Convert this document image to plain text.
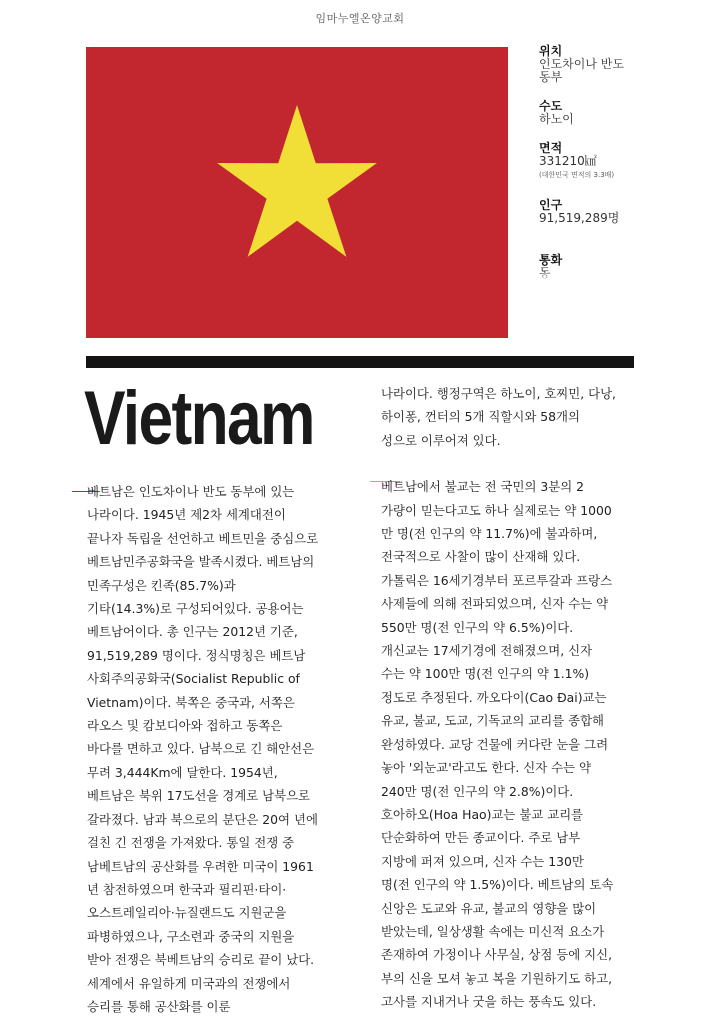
임마누엘온양교회
위치
인도차이나 반도
동부
수도
하노이
면적
331210㎢
(대한민국 면적의 3.3배)
인구
91,519,289명
통화
동
Vietnam
베트남은 인도차이나 반도 동부에 있는
나라이다. 1945년 제2차 세계대전이
끝나자 독립을 선언하고 베트민을 중심으로
베트남민주공화국을 발족시켰다. 베트남의
민족구성은 킨족(85.7%)과
기타(14.3%)로 구성되어있다. 공용어는
베트남어이다. 총 인구는 2012년 기준,
91,519,289 명이다. 정식명칭은 베트남
사회주의공화국(Socialist Republic of
Vietnam)이다. 북쪽은 중국과, 서쪽은
라오스 및 캄보디아와 접하고 동쪽은
바다를 면하고 있다. 남북으로 긴 해안선은
무려 3,444Km에 달한다. 1954년,
베트남은 북위 17도선을 경계로 남북으로
갈라졌다. 남과 북으로의 분단은 20여 년에
걸친 긴 전쟁을 가져왔다. 통일 전쟁 중
남베트남의 공산화를 우려한 미국이 1961
년 참전하였으며 한국과 필리핀·타이·
오스트레일리아·뉴질랜드도 지원군을
파병하였으나, 구소련과 중국의 지원을
받아 전쟁은 북베트남의 승리로 끝이 났다.
세계에서 유일하게 미국과의 전쟁에서
승리를 통해 공산화를 이룬
나라이다. 행정구역은 하노이, 호찌민, 다낭,
하이퐁, 껀터의 5개 직할시와 58개의
성으로 이루어져 있다.
베트남에서 불교는 전 국민의 3분의 2
가량이 믿는다고도 하나 실제로는 약 1000
만 명(전 인구의 약 11.7%)에 불과하며,
전국적으로 사찰이 많이 산재해 있다.
가톨릭은 16세기경부터 포르투갈과 프랑스
사제들에 의해 전파되었으며, 신자 수는 약
550만 명(전 인구의 약 6.5%)이다.
개신교는 17세기경에 전해졌으며, 신자
수는 약 100만 명(전 인구의 약 1.1%)
정도로 추정된다. 까오다이(Cao Đai)교는
유교, 불교, 도교, 기독교의 교리를 종합해
완성하였다. 교당 건물에 커다란 눈을 그려
놓아 '외눈교'라고도 한다. 신자 수는 약
240만 명(전 인구의 약 2.8%)이다.
호아하오(Hoa Hao)교는 불교 교리를
단순화하여 만든 종교이다. 주로 남부
지방에 퍼져 있으며, 신자 수는 130만
명(전 인구의 약 1.5%)이다. 베트남의 토속
신앙은 도교와 유교, 불교의 영향을 많이
받았는데, 일상생활 속에는 미신적 요소가
존재하여 가정이나 사무실, 상점 등에 지신,
부의 신을 모셔 놓고 복을 기원하기도 하고,
고사를 지내거나 굿을 하는 풍속도 있다.
